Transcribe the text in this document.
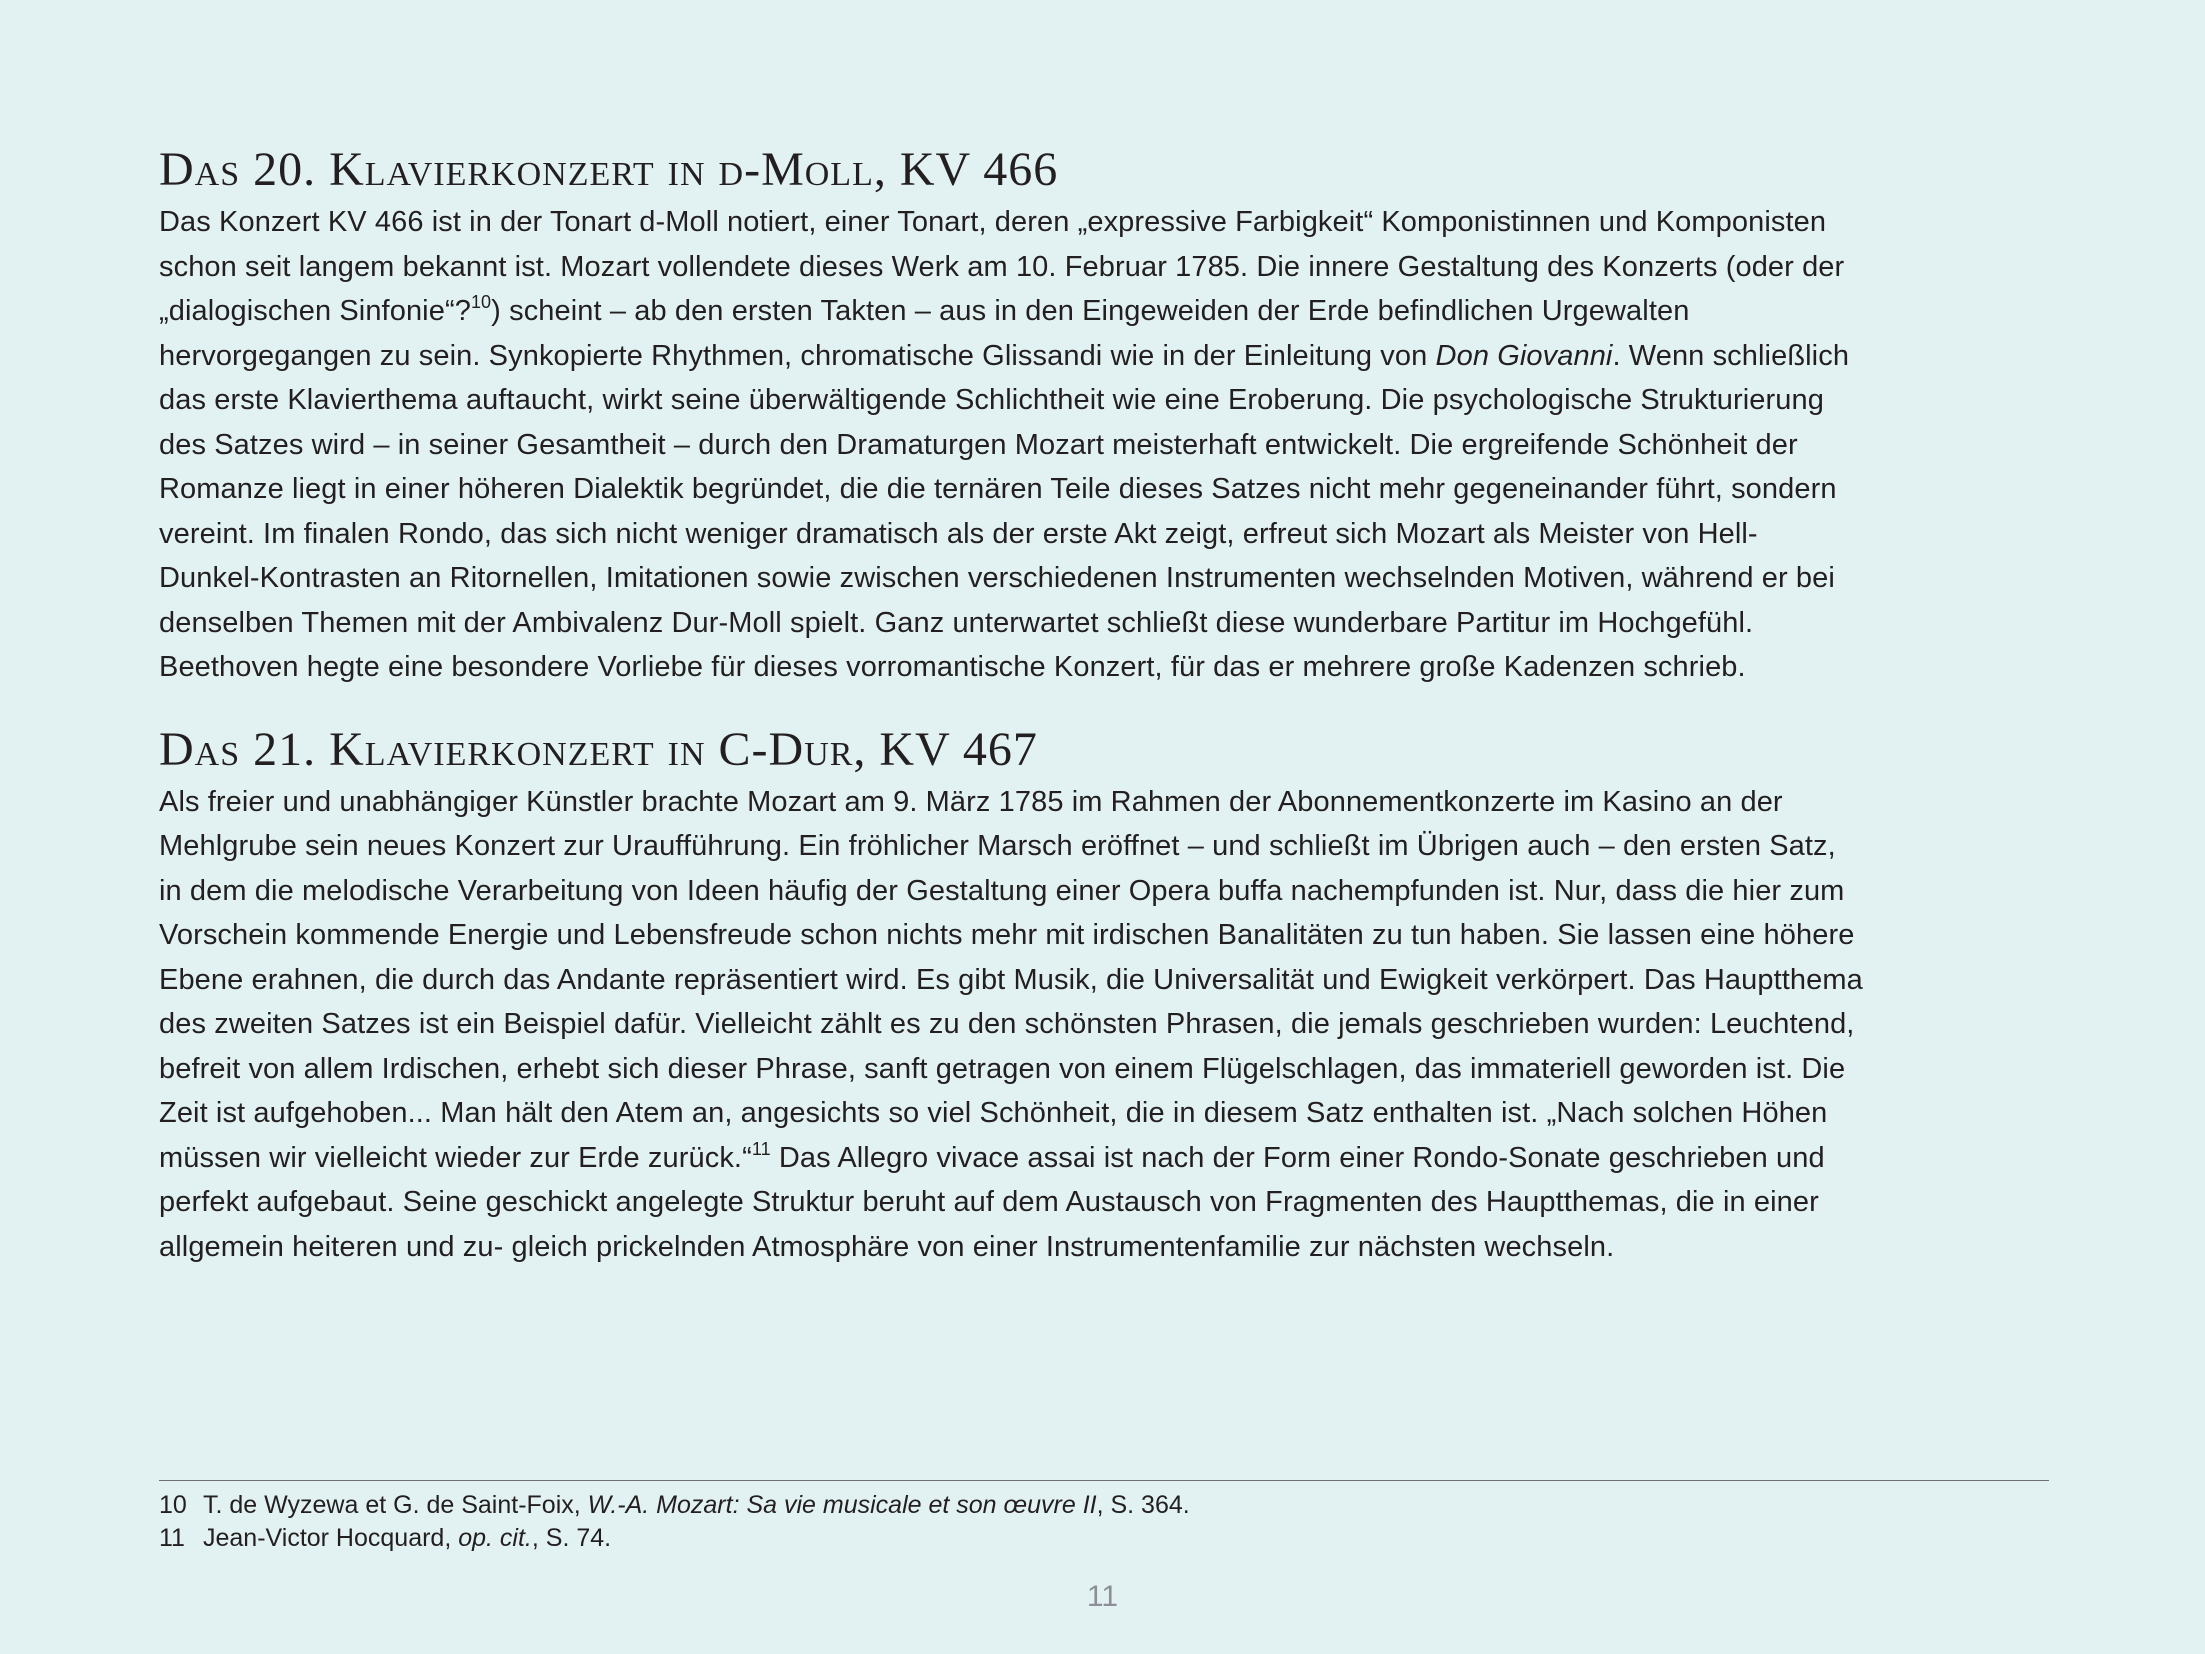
Das 20. Klavierkonzert in d-Moll, KV 466
Das Konzert KV 466 ist in der Tonart d-Moll notiert, einer Tonart, deren „expressive Farbigkeit“ Komponistinnen und Komponisten
schon seit langem bekannt ist. Mozart vollendete dieses Werk am 10. Februar 1785. Die innere Gestaltung des Konzerts (oder der
„dialogischen Sinfonie“?$^{10}$) scheint – ab den ersten Takten – aus in den Eingeweiden der Erde befindlichen Urgewalten
hervorgegangen zu sein. Synkopierte Rhythmen, chromatische Glissandi wie in der Einleitung von Don Giovanni. Wenn schließlich
das erste Klavierthema auftaucht, wirkt seine überwältigende Schlichtheit wie eine Eroberung. Die psychologische Strukturierung
des Satzes wird – in seiner Gesamtheit – durch den Dramaturgen Mozart meisterhaft entwickelt. Die ergreifende Schönheit der
Romanze liegt in einer höheren Dialektik begründet, die die ternären Teile dieses Satzes nicht mehr gegeneinander führt, sondern
vereint. Im finalen Rondo, das sich nicht weniger dramatisch als der erste Akt zeigt, erfreut sich Mozart als Meister von Hell-
Dunkel-Kontrasten an Ritornellen, Imitationen sowie zwischen verschiedenen Instrumenten wechselnden Motiven, während er bei
denselben Themen mit der Ambivalenz Dur-Moll spielt. Ganz unterwartet schließt diese wunderbare Partitur im Hochgefühl.
Beethoven hegte eine besondere Vorliebe für dieses vorromantische Konzert, für das er mehrere große Kadenzen schrieb.
Das 21. Klavierkonzert in C-Dur, KV 467
Als freier und unabhängiger Künstler brachte Mozart am 9. März 1785 im Rahmen der Abonnementkonzerte im Kasino an der
Mehlgrube sein neues Konzert zur Uraufführung. Ein fröhlicher Marsch eröffnet – und schließt im Übrigen auch – den ersten Satz,
in dem die melodische Verarbeitung von Ideen häufig der Gestaltung einer Opera buffa nachempfunden ist. Nur, dass die hier zum
Vorschein kommende Energie und Lebensfreude schon nichts mehr mit irdischen Banalitäten zu tun haben. Sie lassen eine höhere
Ebene erahnen, die durch das Andante repräsentiert wird. Es gibt Musik, die Universalität und Ewigkeit verkörpert. Das Hauptthema
des zweiten Satzes ist ein Beispiel dafür. Vielleicht zählt es zu den schönsten Phrasen, die jemals geschrieben wurden: Leuchtend,
befreit von allem Irdischen, erhebt sich dieser Phrase, sanft getragen von einem Flügelschlagen, das immateriell geworden ist. Die
Zeit ist aufgehoben... Man hält den Atem an, angesichts so viel Schönheit, die in diesem Satz enthalten ist. „Nach solchen Höhen
müssen wir vielleicht wieder zur Erde zurück.“$^{11}$ Das Allegro vivace assai ist nach der Form einer Rondo-Sonate geschrieben und
perfekt aufgebaut. Seine geschickt angelegte Struktur beruht auf dem Austausch von Fragmenten des Hauptthemas, die in einer
allgemein heiteren und zu- gleich prickelnden Atmosphäre von einer Instrumentenfamilie zur nächsten wechseln.
10 T. de Wyzewa et G. de Saint-Foix, W.-A. Mozart: Sa vie musicale et son œuvre II, S. 364.
11 Jean-Victor Hocquard, op. cit., S. 74.
11
